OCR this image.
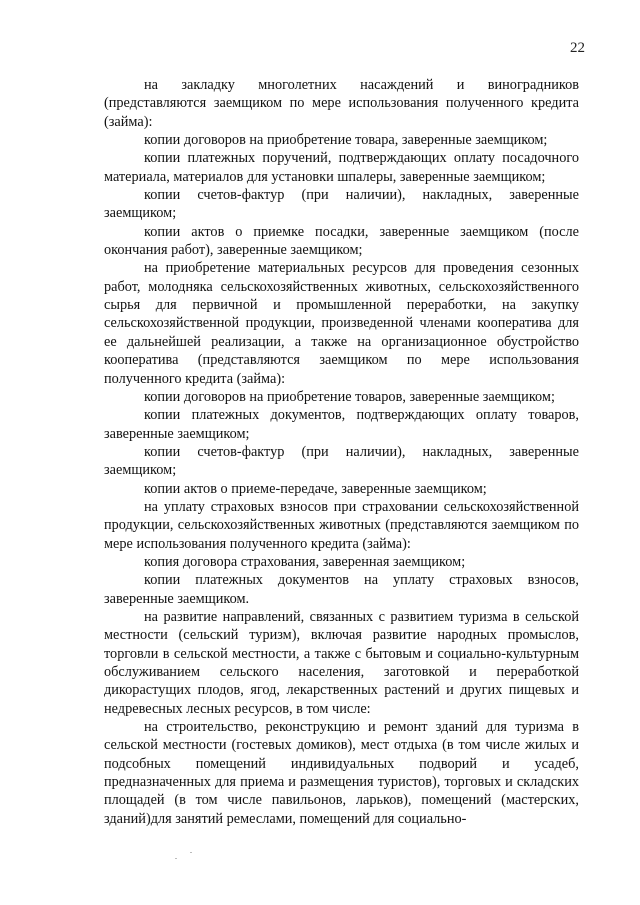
22

на закладку многолетних насаждений и виноградников (представляются заемщиком по мере использования полученного кредита (займа):

копии договоров на приобретение товара, заверенные заемщиком;

копии платежных поручений, подтверждающих оплату посадочного материала, материалов для установки шпалеры, заверенные заемщиком;

копии счетов-фактур (при наличии), накладных, заверенные заемщиком;

копии актов о приемке посадки, заверенные заемщиком (после окончания работ), заверенные заемщиком;

на приобретение материальных ресурсов для проведения сезонных работ, молодняка сельскохозяйственных животных, сельскохозяйственного сырья для первичной и промышленной переработки, на закупку сельскохозяйственной продукции, произведенной членами кооператива для ее дальнейшей реализации, а также на организационное обустройство кооператива (представляются заемщиком по мере использования полученного кредита (займа):

копии договоров на приобретение товаров, заверенные заемщиком;

копии платежных документов, подтверждающих оплату товаров, заверенные заемщиком;

копии счетов-фактур (при наличии), накладных, заверенные заемщиком;

копии актов о приеме-передаче, заверенные заемщиком;

на уплату страховых взносов при страховании сельскохозяйственной продукции, сельскохозяйственных животных (представляются заемщиком по мере использования полученного кредита (займа):

копия договора страхования, заверенная заемщиком;

копии платежных документов на уплату страховых взносов, заверенные заемщиком.

на развитие направлений, связанных с развитием туризма в сельской местности (сельский туризм), включая развитие народных промыслов, торговли в сельской местности, а также с бытовым и социально-культурным обслуживанием сельского населения, заготовкой и переработкой дикорастущих плодов, ягод, лекарственных растений и других пищевых и недревесных лесных ресурсов, в том числе:

на строительство, реконструкцию и ремонт зданий для туризма в сельской местности (гостевых домиков), мест отдыха (в том числе жилых и подсобных помещений индивидуальных подворий и усадеб, предназначенных для приема и размещения туристов), торговых и складских площадей (в том числе павильонов, ларьков), помещений (мастерских, зданий)для занятий ремеслами, помещений для социально-
